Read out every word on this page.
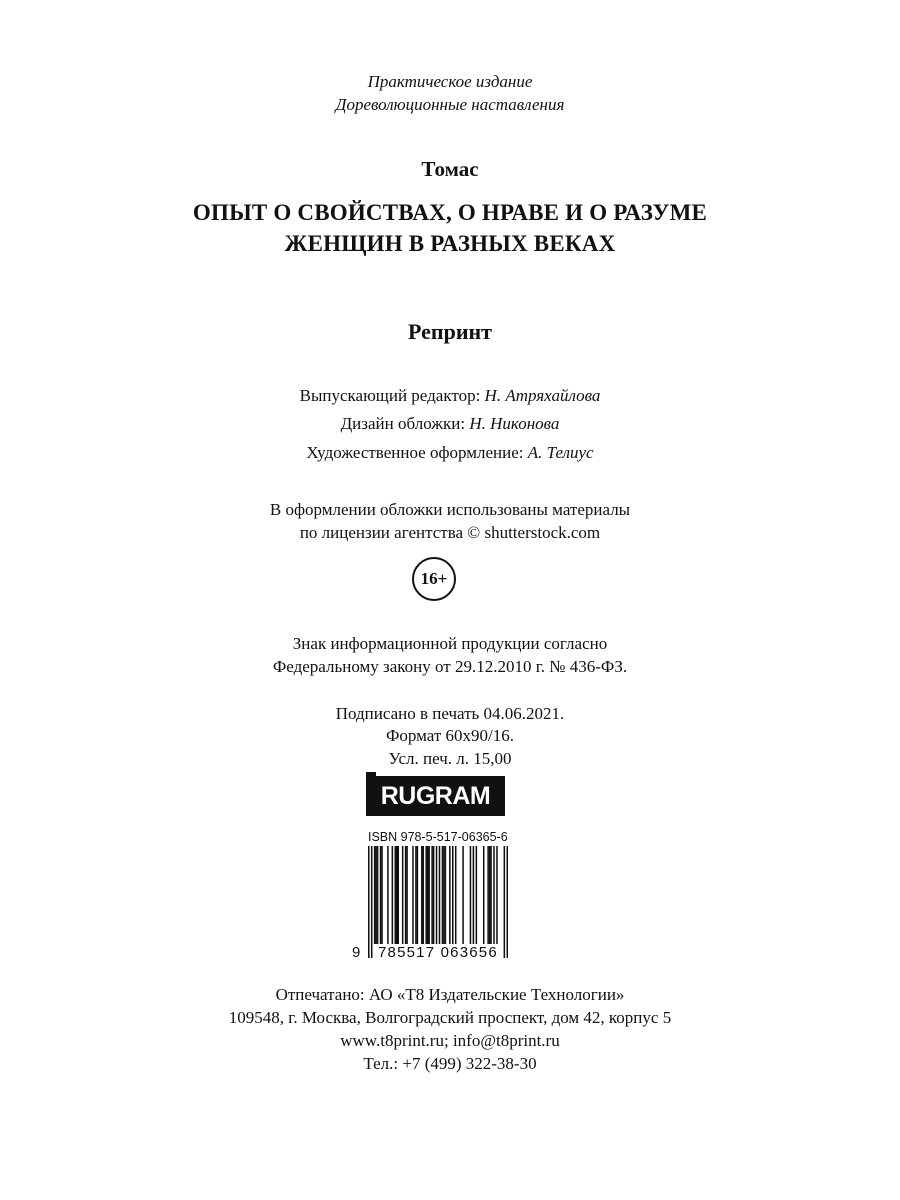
Практическое издание
Дореволюционные наставления
Томас
ОПЫТ О СВОЙСТВАХ, О НРАВЕ И О РАЗУМЕ
ЖЕНЩИН В РАЗНЫХ ВЕКАХ
Репринт
Выпускающий редактор: Н. Атряхайлова
Дизайн обложки: Н. Никонова
Художественное оформление: А. Телиус
В оформлении обложки использованы материалы
по лицензии агентства © shutterstock.com
16+
Знак информационной продукции согласно
Федеральному закону от 29.12.2010 г. № 436-ФЗ.
Подписано в печать 04.06.2021.
Формат 60х90/16.
Усл. печ. л. 15,00
RUGRAM
ISBN 978-5-517-06365-6
9 785517 063656
Отпечатано: АО «Т8 Издательские Технологии»
109548, г. Москва, Волгоградский проспект, дом 42, корпус 5
www.t8print.ru; info@t8print.ru
Тел.: +7 (499) 322-38-30
